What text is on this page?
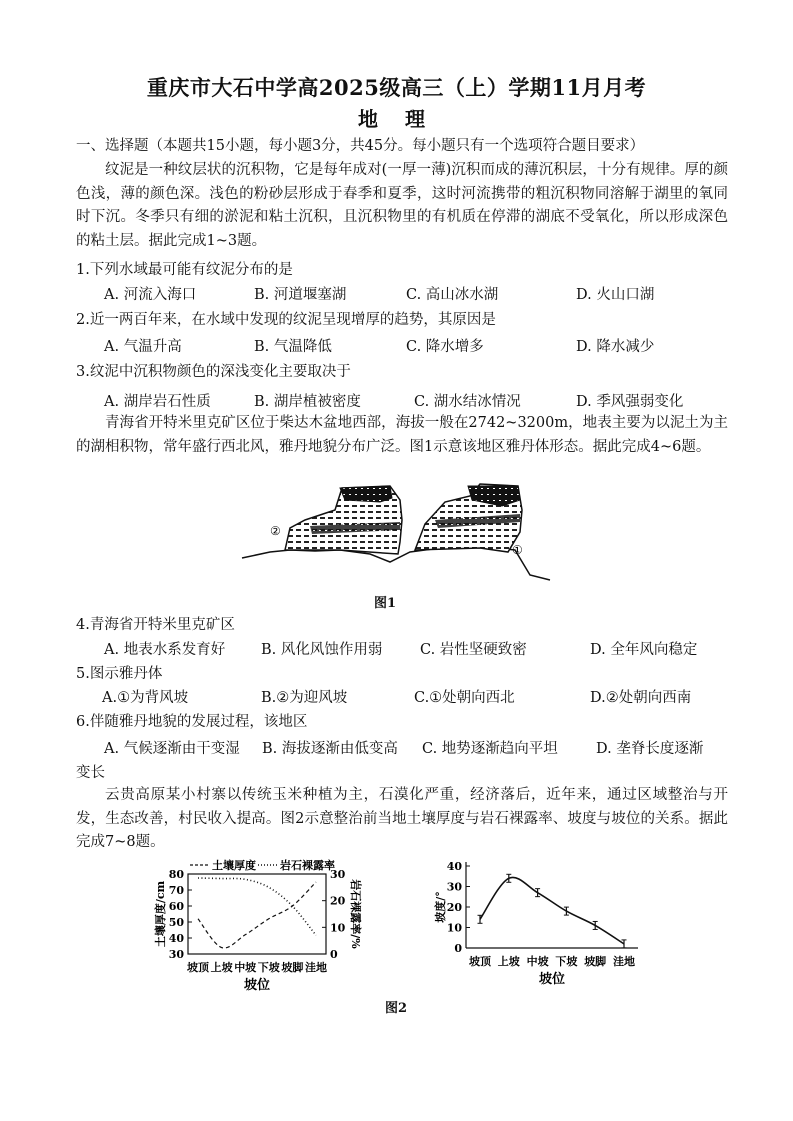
重庆市大石中学高2025级高三（上）学期11月月考
地 理
一、选择题（本题共15小题，每小题3分，共45分。每小题只有一个选项符合题目要求）
纹泥是一种纹层状的沉积物，它是每年成对(一厚一薄)沉积而成的薄沉积层，十分有规律。厚的颜色浅，薄的颜色深。浅色的粉砂层形成于春季和夏季，这时河流携带的粗沉积物同溶解于湖里的氧同时下沉。冬季只有细的淤泥和粘土沉积，且沉积物里的有机质在停滞的湖底不受氧化，所以形成深色的粘土层。据此完成1~3题。
1.下列水域最可能有纹泥分布的是
A. 河流入海口	B. 河道堰塞湖	C. 高山冰水湖	D. 火山口湖
2.近一两百年来，在水域中发现的纹泥呈现增厚的趋势，其原因是
A. 气温升高	B. 气温降低	C. 降水增多	D. 降水减少
3.纹泥中沉积物颜色的深浅变化主要取决于
A. 湖岸岩石性质	B. 湖岸植被密度	C. 湖水结冰情况	D. 季风强弱变化
青海省开特米里克矿区位于柴达木盆地西部，海拔一般在2742~3200m，地表主要为以泥土为主的湖相积物，常年盛行西北风，雅丹地貌分布广泛。图1示意该地区雅丹体形态。据此完成4~6题。
②
①
图1
4.青海省开特米里克矿区
A. 地表水系发育好 B. 风化风蚀作用弱	C. 岩性坚硬致密	D. 全年风向稳定
5.图示雅丹体
A.①为背风坡	B.②为迎风坡	C.①处朝向西北	D.②处朝向西南
6.伴随雅丹地貌的发展过程，该地区
A. 气候逐渐由干变湿 B. 海拔逐渐由低变高 C. 地势逐渐趋向平坦	D. 垄脊长度逐渐
变长
云贵高原某小村寨以传统玉米种植为主，石漠化严重，经济落后，近年来，通过区域整治与开发，生态改善，村民收入提高。图2示意整治前当地土壤厚度与岩石裸露率、坡度与坡位的关系。据此完成7~8题。
30
40
50
60
70
80
0
10
20
30
坡顶 上坡 中坡 下坡 坡脚 洼地
坡位
土壤厚度/cm	岩石裸露率/%
土壤厚度 岩石裸露率
0
10
20
30
40
坡顶 上坡 中坡 下坡 坡脚 洼地
坡位
坡度/°
图2
